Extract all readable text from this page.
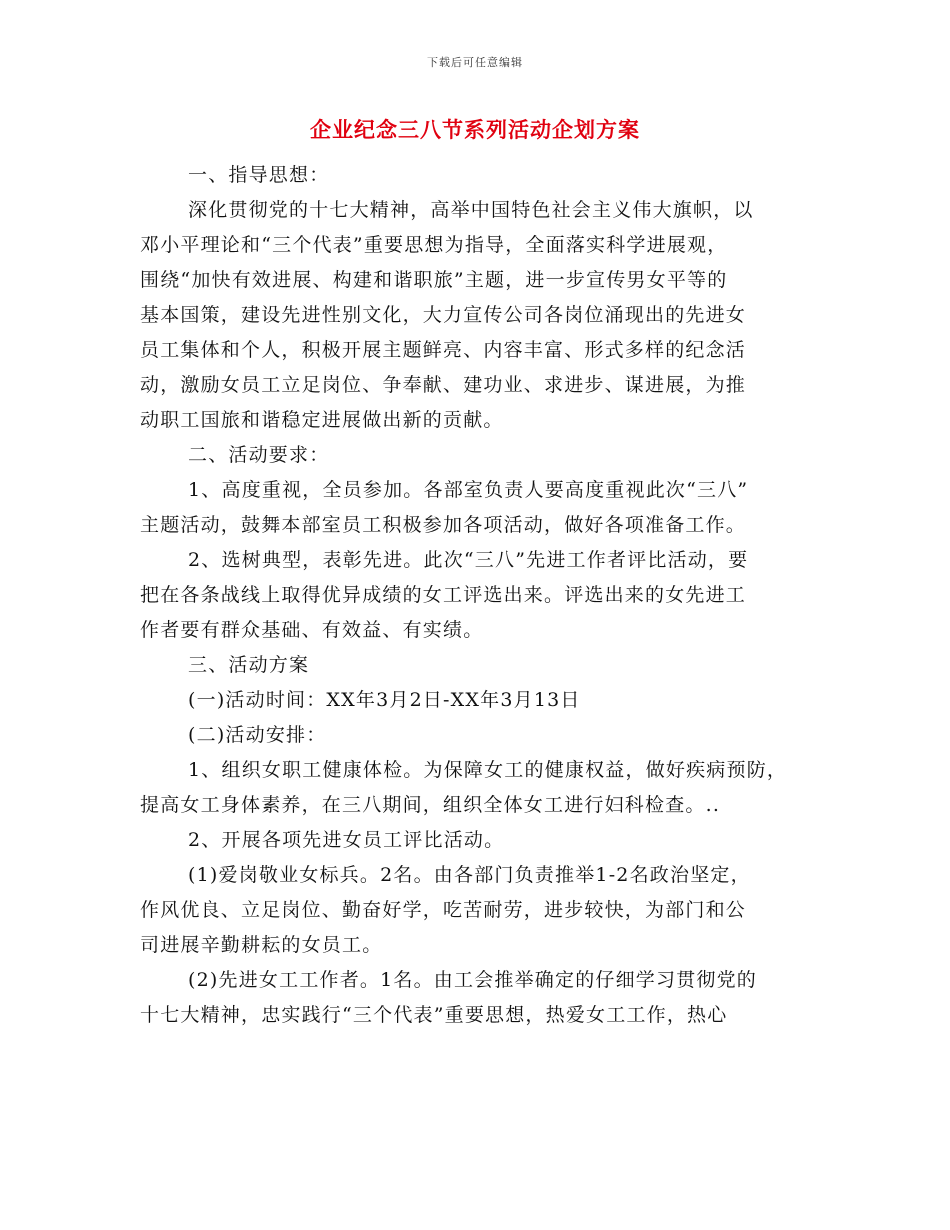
下载后可任意编辑
企业纪念三八节系列活动企划方案
一、指导思想：
深化贯彻党的十七大精神，高举中国特色社会主义伟大旗帜，以
邓小平理论和“三个代表”重要思想为指导，全面落实科学进展观，
围绕“加快有效进展、构建和谐职旅”主题，进一步宣传男女平等的
基本国策，建设先进性别文化，大力宣传公司各岗位涌现出的先进女
员工集体和个人，积极开展主题鲜亮、内容丰富、形式多样的纪念活
动，激励女员工立足岗位、争奉献、建功业、求进步、谋进展，为推
动职工国旅和谐稳定进展做出新的贡献。
二、活动要求：
1、高度重视，全员参加。各部室负责人要高度重视此次“三八”
主题活动，鼓舞本部室员工积极参加各项活动，做好各项准备工作。
2、选树典型，表彰先进。此次“三八”先进工作者评比活动，要
把在各条战线上取得优异成绩的女工评选出来。评选出来的女先进工
作者要有群众基础、有效益、有实绩。
三、活动方案
(一)活动时间：XX年3月2日-XX年3月13日
(二)活动安排：
1、组织女职工健康体检。为保障女工的健康权益，做好疾病预防，
提高女工身体素养，在三八期间，组织全体女工进行妇科检查。..
2、开展各项先进女员工评比活动。
(1)爱岗敬业女标兵。2名。由各部门负责推举1-2名政治坚定，
作风优良、立足岗位、勤奋好学，吃苦耐劳，进步较快，为部门和公
司进展辛勤耕耘的女员工。
(2)先进女工工作者。1名。由工会推举确定的仔细学习贯彻党的
十七大精神，忠实践行“三个代表”重要思想，热爱女工工作，热心
